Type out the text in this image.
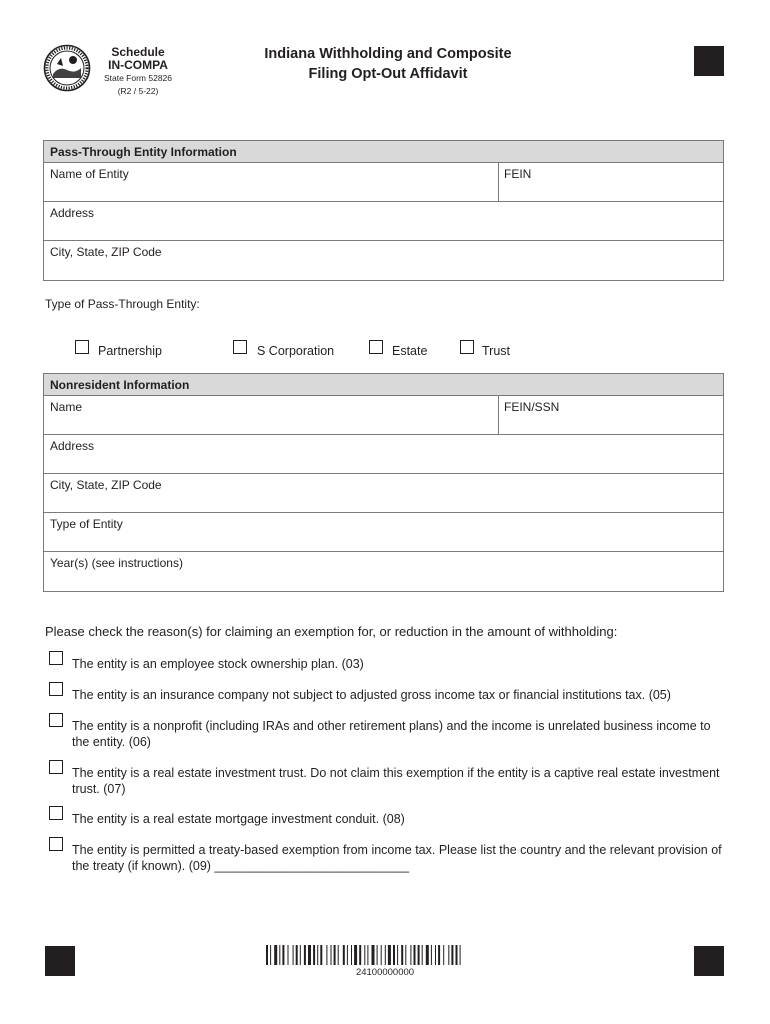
Schedule
IN-COMPA
State Form 52826
(R2 / 5-22)
Indiana Withholding and Composite
Filing Opt-Out Affidavit
Pass-Through Entity Information
Name of Entity	FEIN
Address
City, State, ZIP Code
Type of Pass-Through Entity:
Partnership	S Corporation	Estate	Trust
Nonresident Information
Name	FEIN/SSN
Address
City, State, ZIP Code
Type of Entity
Year(s) (see instructions)
Please check the reason(s) for claiming an exemption for, or reduction in the amount of withholding:
The entity is an employee stock ownership plan. (03)
The entity is an insurance company not subject to adjusted gross income tax or financial institutions tax. (05)
The entity is a nonprofit (including IRAs and other retirement plans) and the income is unrelated business income to the entity. (06)
The entity is a real estate investment trust. Do not claim this exemption if the entity is a captive real estate investment trust. (07)
The entity is a real estate mortgage investment conduit. (08)
The entity is permitted a treaty-based exemption from income tax. Please list the country and the relevant provision of the treaty (if known). (09) ____________________________
24100000000
